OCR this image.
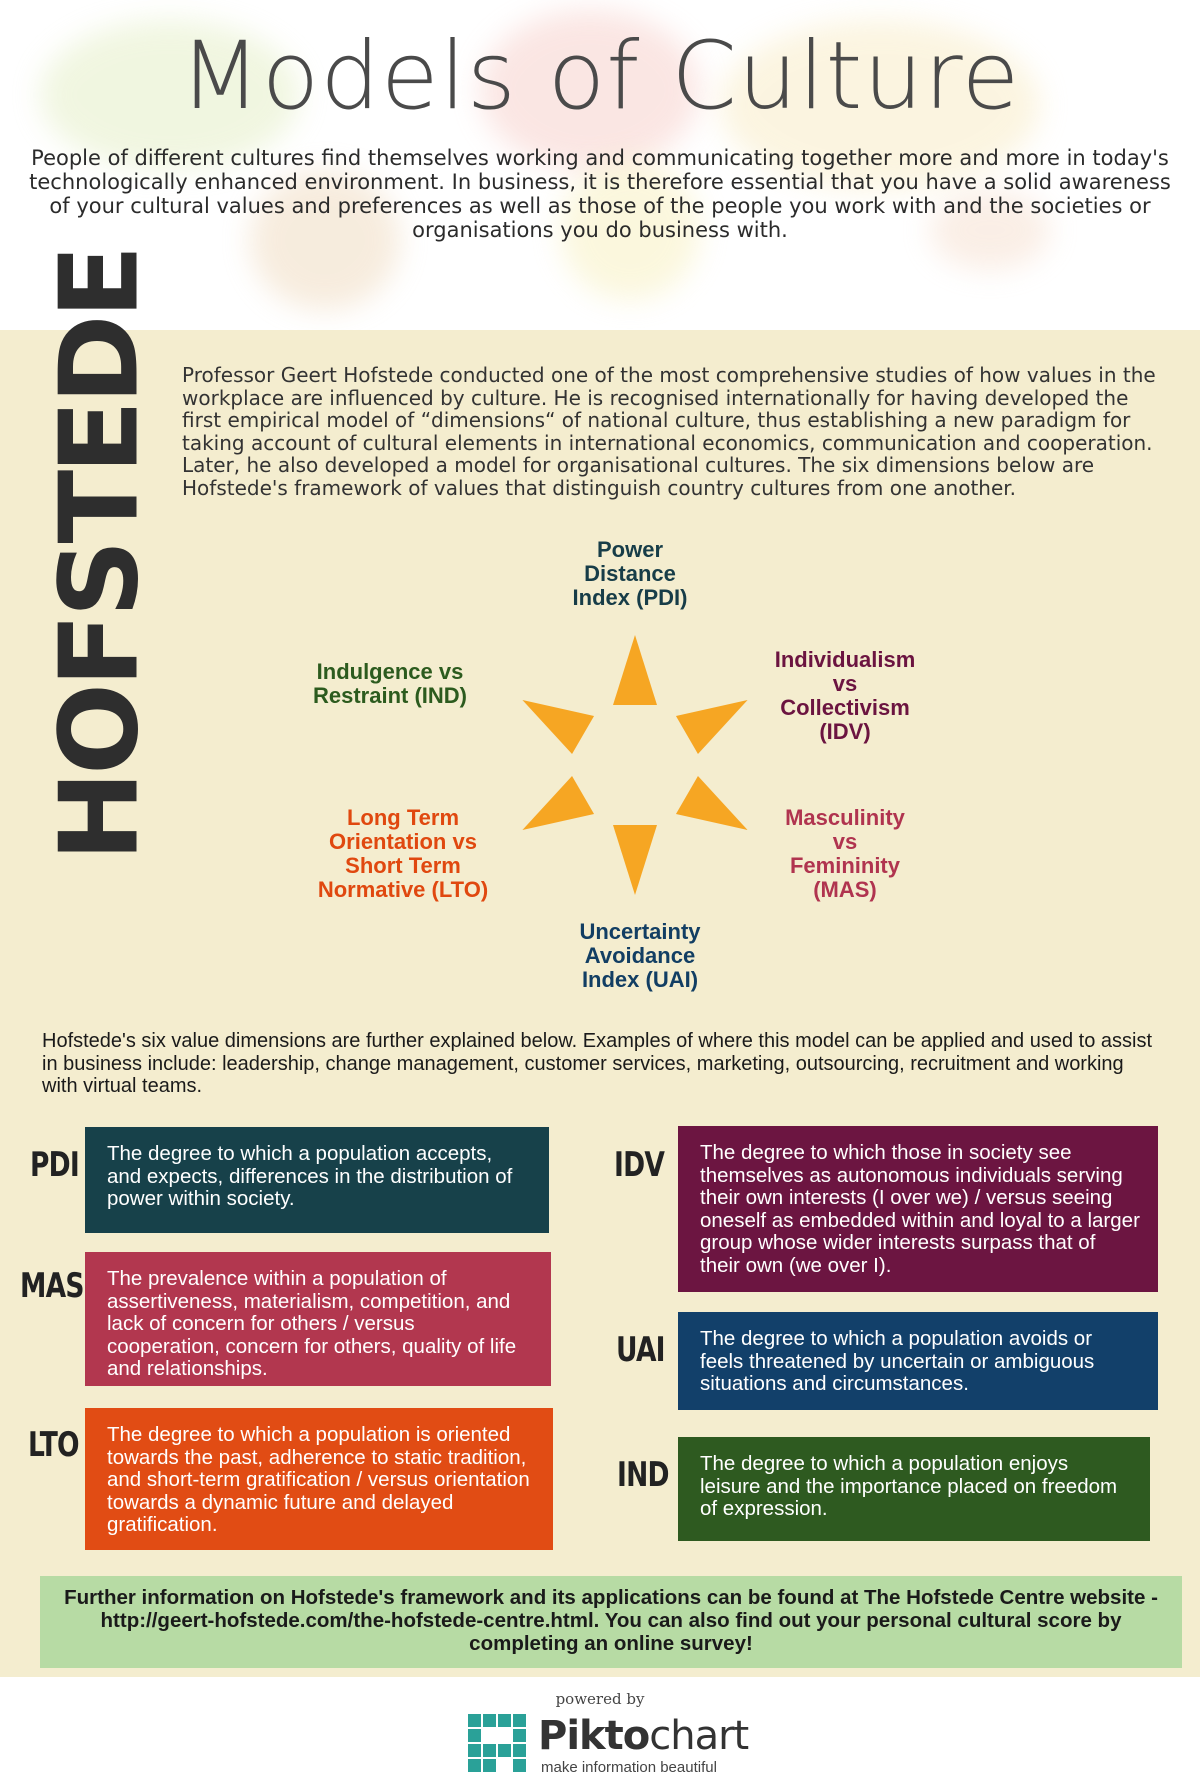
Models of Culture
People of different cultures find themselves working and communicating together more and more in today's technologically enhanced environment. In business, it is therefore essential that you have a solid awareness of your cultural values and preferences as well as those of the people you work with and the societies or organisations you do business with.
HOFSTEDE Professor Geert Hofstede conducted one of the most comprehensive studies of how values in the workplace are influenced by culture. He is recognised internationally for having developed the first empirical model of “dimensions“ of national culture, thus establishing a new paradigm for taking account of cultural elements in international economics, communication and cooperation. Later, he also developed a model for organisational cultures. The six dimensions below are Hofstede's framework of values that distinguish country cultures from one another.
Power
Distance
Index (PDI)
Individualism
vs
Collectivism
(IDV)
Indulgence vs
Restraint (IND)
Long Term
Orientation vs
Short Term
Normative (LTO)
Masculinity
vs
Femininity
(MAS)
Uncertainty
Avoidance
Index (UAI)
Hofstede's six value dimensions are further explained below. Examples of where this model can be applied and used to assist in business include: leadership, change management, customer services, marketing, outsourcing, recruitment and working with virtual teams.
PDI	The degree to which a population accepts, and expects, differences in the distribution of power within society.
MAS	The prevalence within a population of assertiveness, materialism, competition, and lack of concern for others / versus cooperation, concern for others, quality of life and relationships.
LTO	The degree to which a population is oriented towards the past, adherence to static tradition, and short-term gratification / versus orientation towards a dynamic future and delayed gratification.
IDV	The degree to which those in society see themselves as autonomous individuals serving their own interests (I over we) / versus seeing oneself as embedded within and loyal to a larger group whose wider interests surpass that of their own (we over I).
UAI	The degree to which a population avoids or feels threatened by uncertain or ambiguous situations and circumstances.
IND	The degree to which a population enjoys leisure and the importance placed on freedom of expression.
Further information on Hofstede's framework and its applications can be found at The Hofstede Centre website - http://geert-hofstede.com/the-hofstede-centre.html. You can also find out your personal cultural score by completing an online survey!
powered by
Piktochart
make information beautiful
